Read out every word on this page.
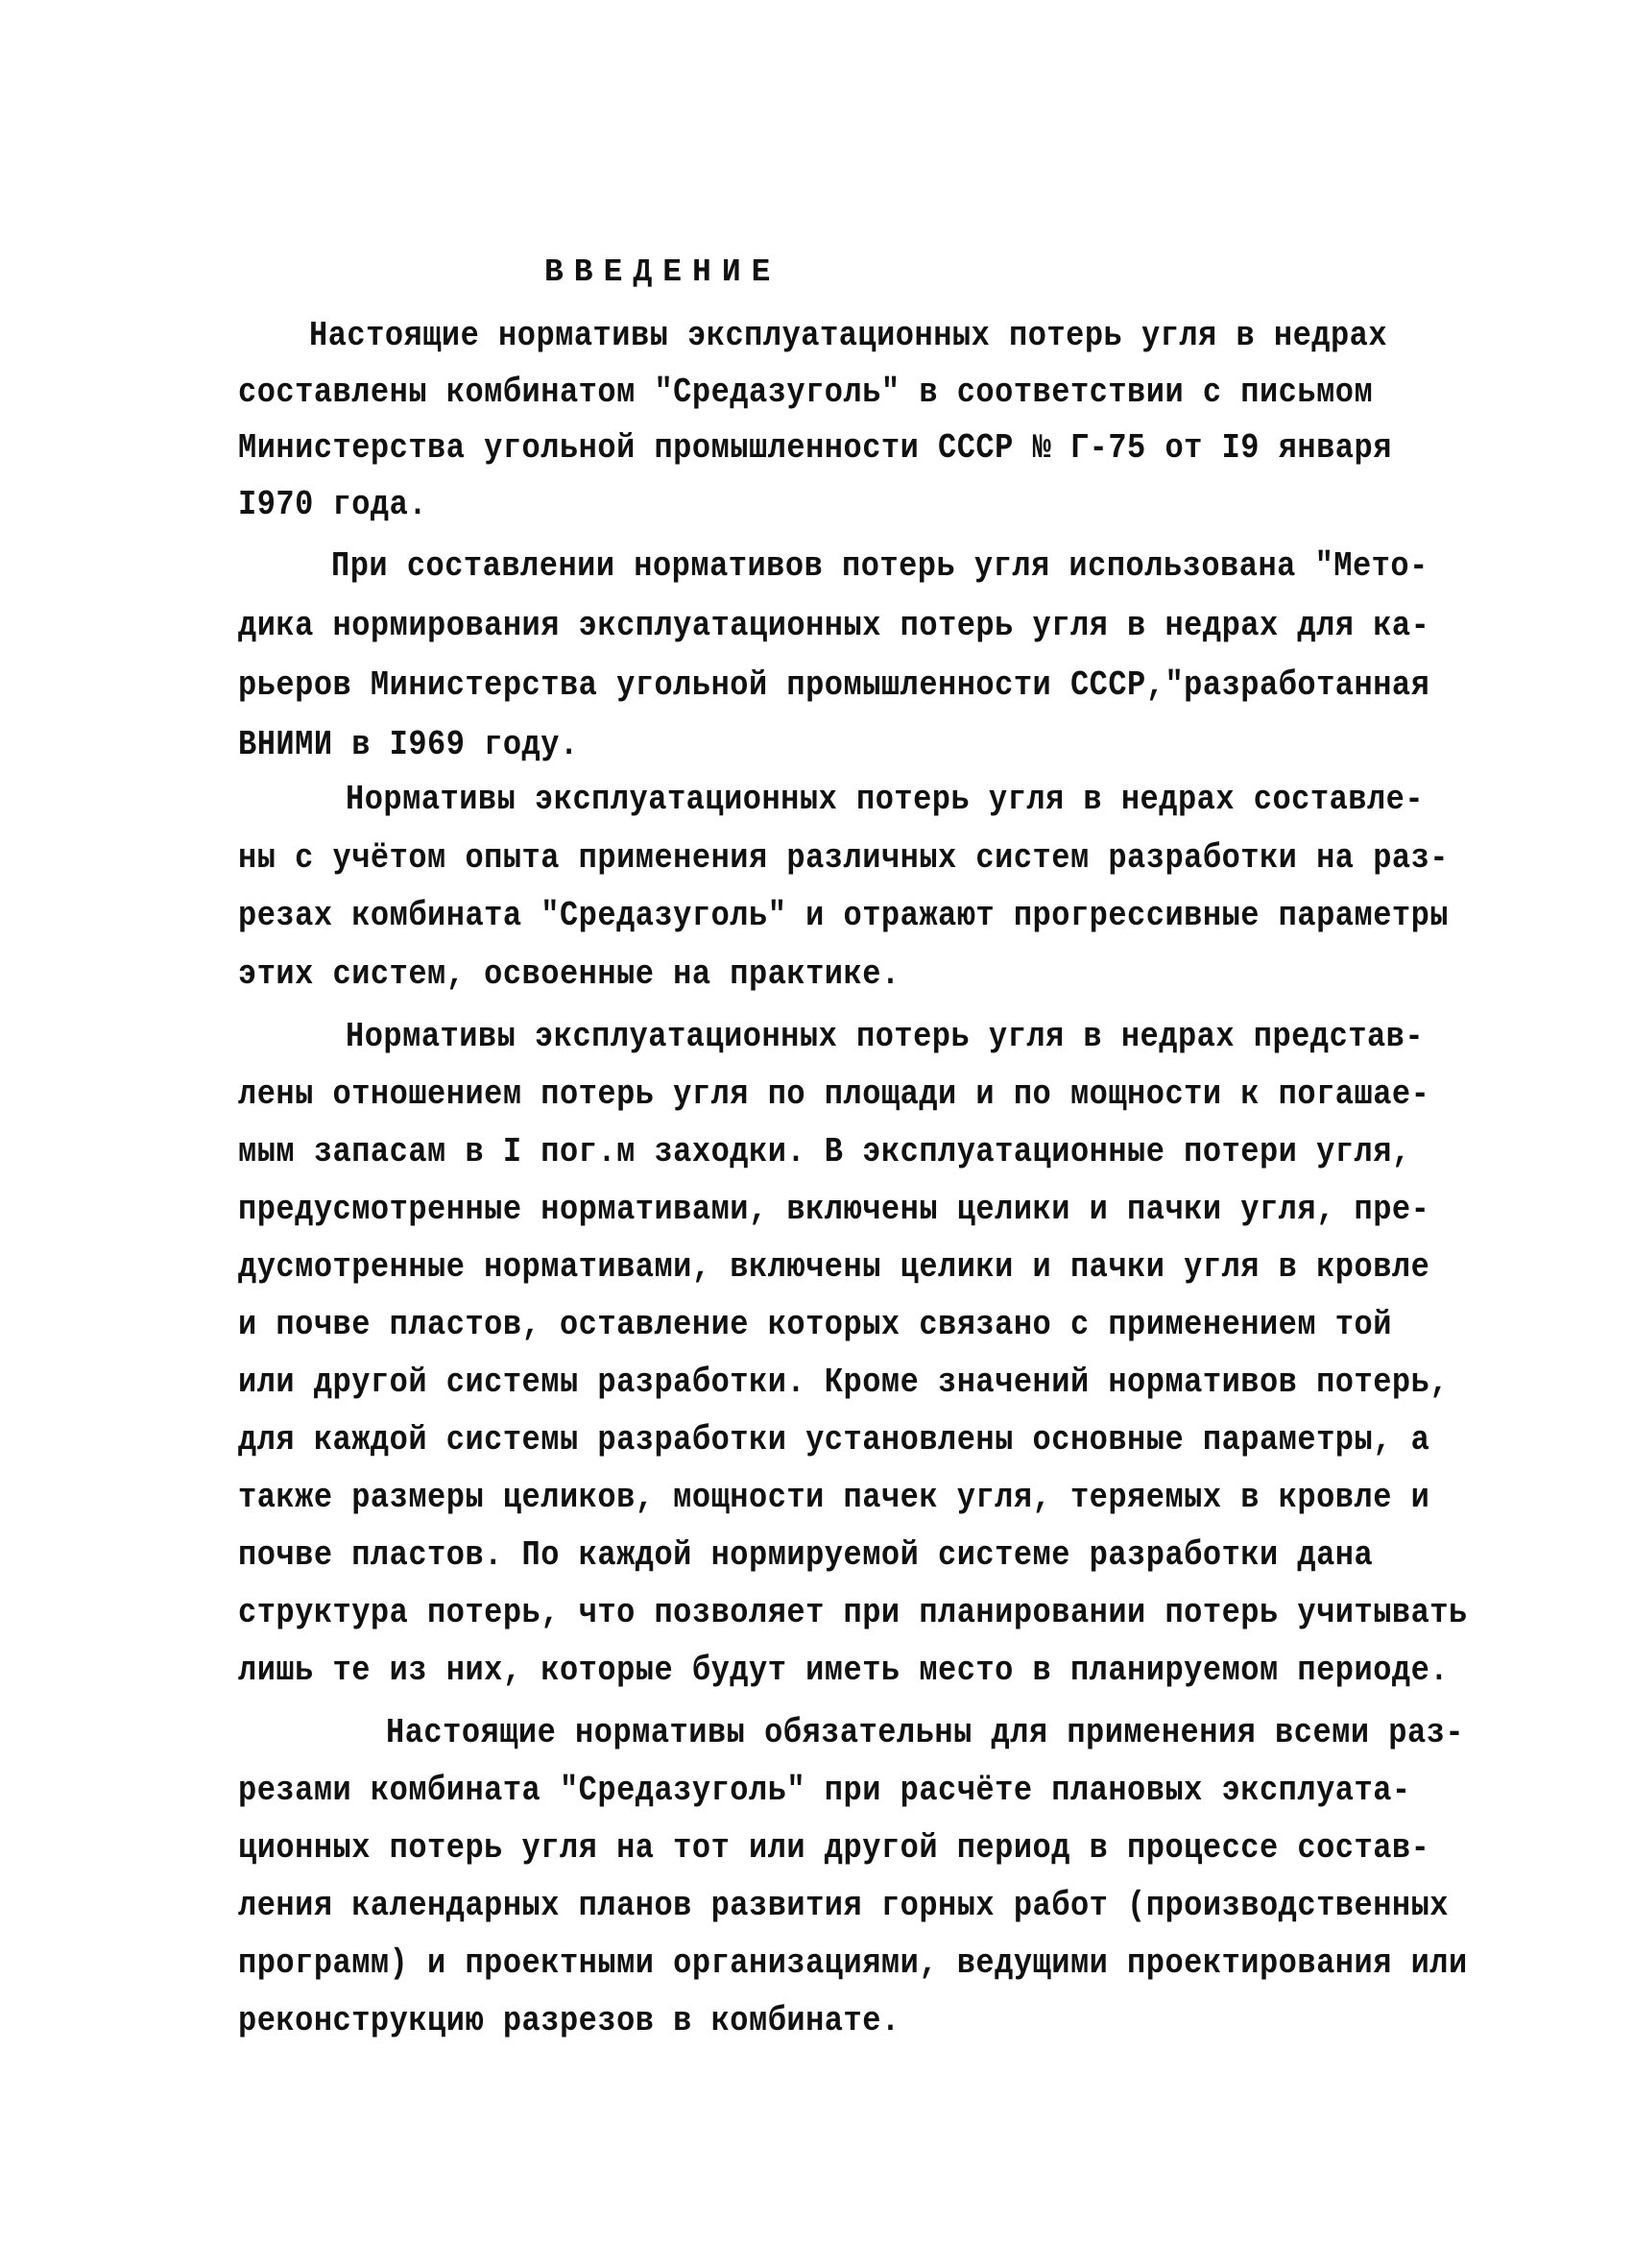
ВВЕДЕНИЕ
Настоящие нормативы эксплуатационных потерь угля в недрах
составлены комбинатом "Средазуголь" в соответствии с письмом
Министерства угольной промышленности СССР № Г-75 от I9 января
I970 года.
При составлении нормативов потерь угля использована "Мето-
дика нормирования эксплуатационных потерь угля в недрах для ка-
рьеров Министерства угольной промышленности СССР,"разработанная
ВНИМИ в I969 году.
Нормативы эксплуатационных потерь угля в недрах составле-
ны с учётом опыта применения различных систем разработки на раз-
резах комбината "Средазуголь" и отражают прогрессивные параметры
этих систем, освоенные на практике.
Нормативы эксплуатационных потерь угля в недрах представ-
лены отношением потерь угля по площади и по мощности к погашае-
мым запасам в I пог.м заходки. В эксплуатационные потери угля,
предусмотренные нормативами, включены целики и пачки угля, пре-
дусмотренные нормативами, включены целики и пачки угля в кровле
и почве пластов, оставление которых связано с применением той
или другой системы разработки. Кроме значений нормативов потерь,
для каждой системы разработки установлены основные параметры, а
также размеры целиков, мощности пачек угля, теряемых в кровле и
почве пластов. По каждой нормируемой системе разработки дана
структура потерь, что позволяет при планировании потерь учитывать
лишь те из них, которые будут иметь место в планируемом периоде.
Настоящие нормативы обязательны для применения всеми раз-
резами комбината "Средазуголь" при расчёте плановых эксплуата-
ционных потерь угля на тот или другой период в процессе состав-
ления календарных планов развития горных работ (производственных
программ) и проектными организациями, ведущими проектирования или
реконструкцию разрезов в комбинате.
